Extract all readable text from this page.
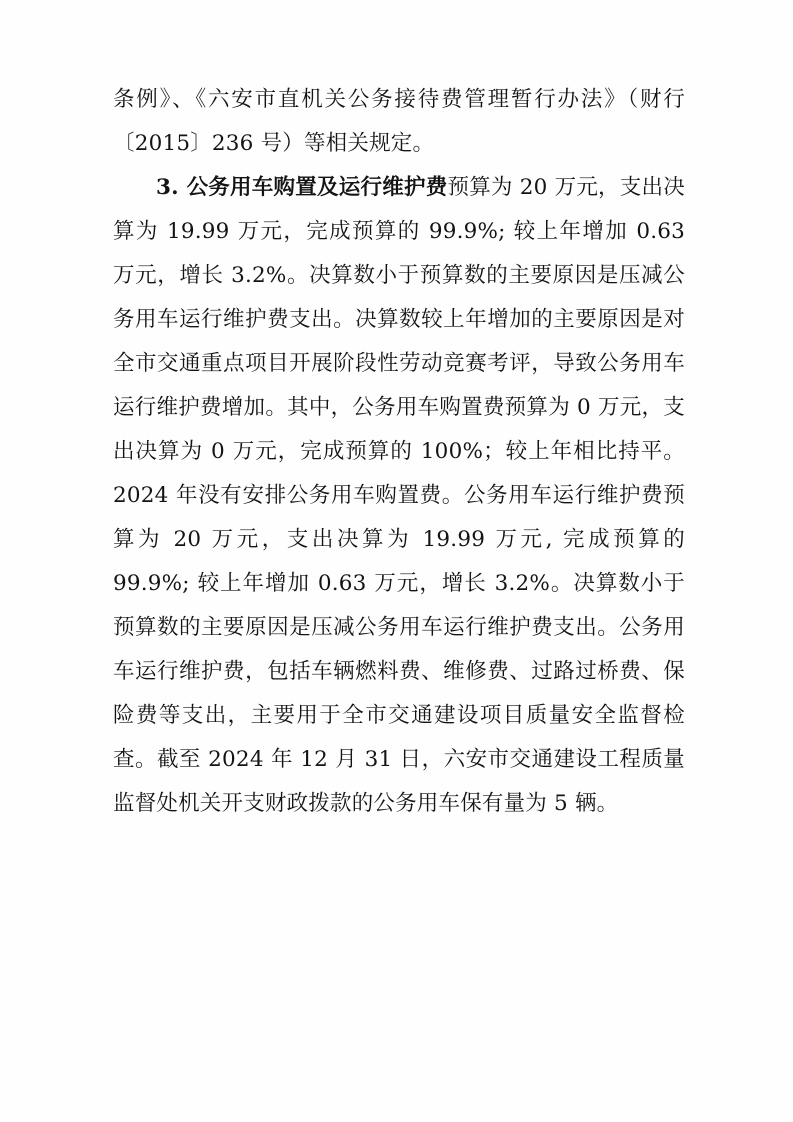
条例》、《六安市直机关公务接待费管理暂行办法》（财行〔2015〕236 号）等相关规定。

3. 公务用车购置及运行维护费预算为 20 万元，支出决算为 19.99 万元，完成预算的 99.9%; 较上年增加 0.63 万元，增长 3.2%。决算数小于预算数的主要原因是压减公务用车运行维护费支出。决算数较上年增加的主要原因是对全市交通重点项目开展阶段性劳动竞赛考评，导致公务用车运行维护费增加。其中，公务用车购置费预算为 0 万元，支出决算为 0 万元，完成预算的 100%；较上年相比持平。2024 年没有安排公务用车购置费。公务用车运行维护费预算为 20 万元，支出决算为 19.99 万元, 完成预算的 99.9%; 较上年增加 0.63 万元，增长 3.2%。决算数小于预算数的主要原因是压减公务用车运行维护费支出。公务用车运行维护费，包括车辆燃料费、维修费、过路过桥费、保险费等支出，主要用于全市交通建设项目质量安全监督检查。截至 2024 年 12 月 31 日，六安市交通建设工程质量监督处机关开支财政拨款的公务用车保有量为 5 辆。
